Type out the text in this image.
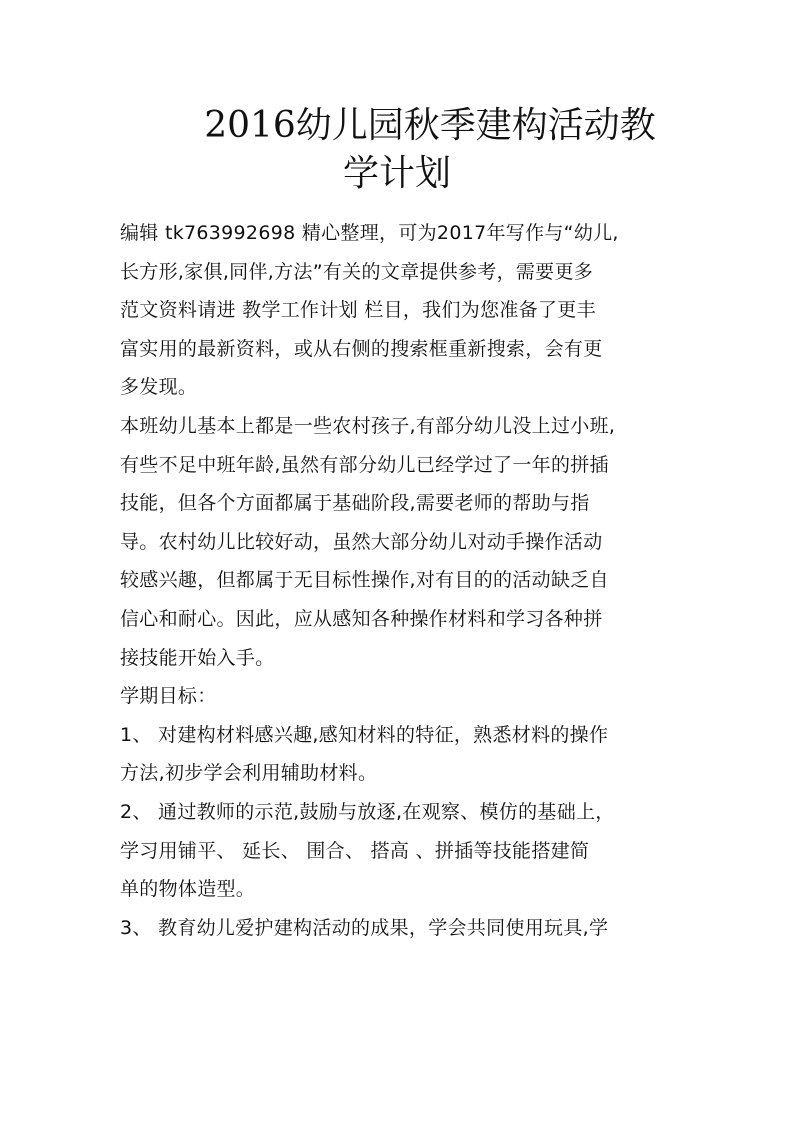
2016幼儿园秋季建构活动教
学计划
编辑 tk763992698 精心整理，可为2017年写作与“幼儿,
长方形,家俱,同伴,方法”有关的文章提供参考，需要更多
范文资料请进 教学工作计划 栏目，我们为您准备了更丰
富实用的最新资料，或从右侧的搜索框重新搜索，会有更
多发现。
本班幼儿基本上都是一些农村孩子,有部分幼儿没上过小班,
有些不足中班年龄,虽然有部分幼儿已经学过了一年的拼插
技能，但各个方面都属于基础阶段,需要老师的帮助与指
导。农村幼儿比较好动，虽然大部分幼儿对动手操作活动
较感兴趣，但都属于无目标性操作,对有目的的活动缺乏自
信心和耐心。因此，应从感知各种操作材料和学习各种拼
接技能开始入手。
学期目标：
1、 对建构材料感兴趣,感知材料的特征，熟悉材料的操作
方法,初步学会利用辅助材料。
2、 通过教师的示范,鼓励与放逐,在观察、模仿的基础上，
学习用铺平、 延长、 围合、 搭高 、拼插等技能搭建简
单的物体造型。
3、 教育幼儿爱护建构活动的成果，学会共同使用玩具,学
